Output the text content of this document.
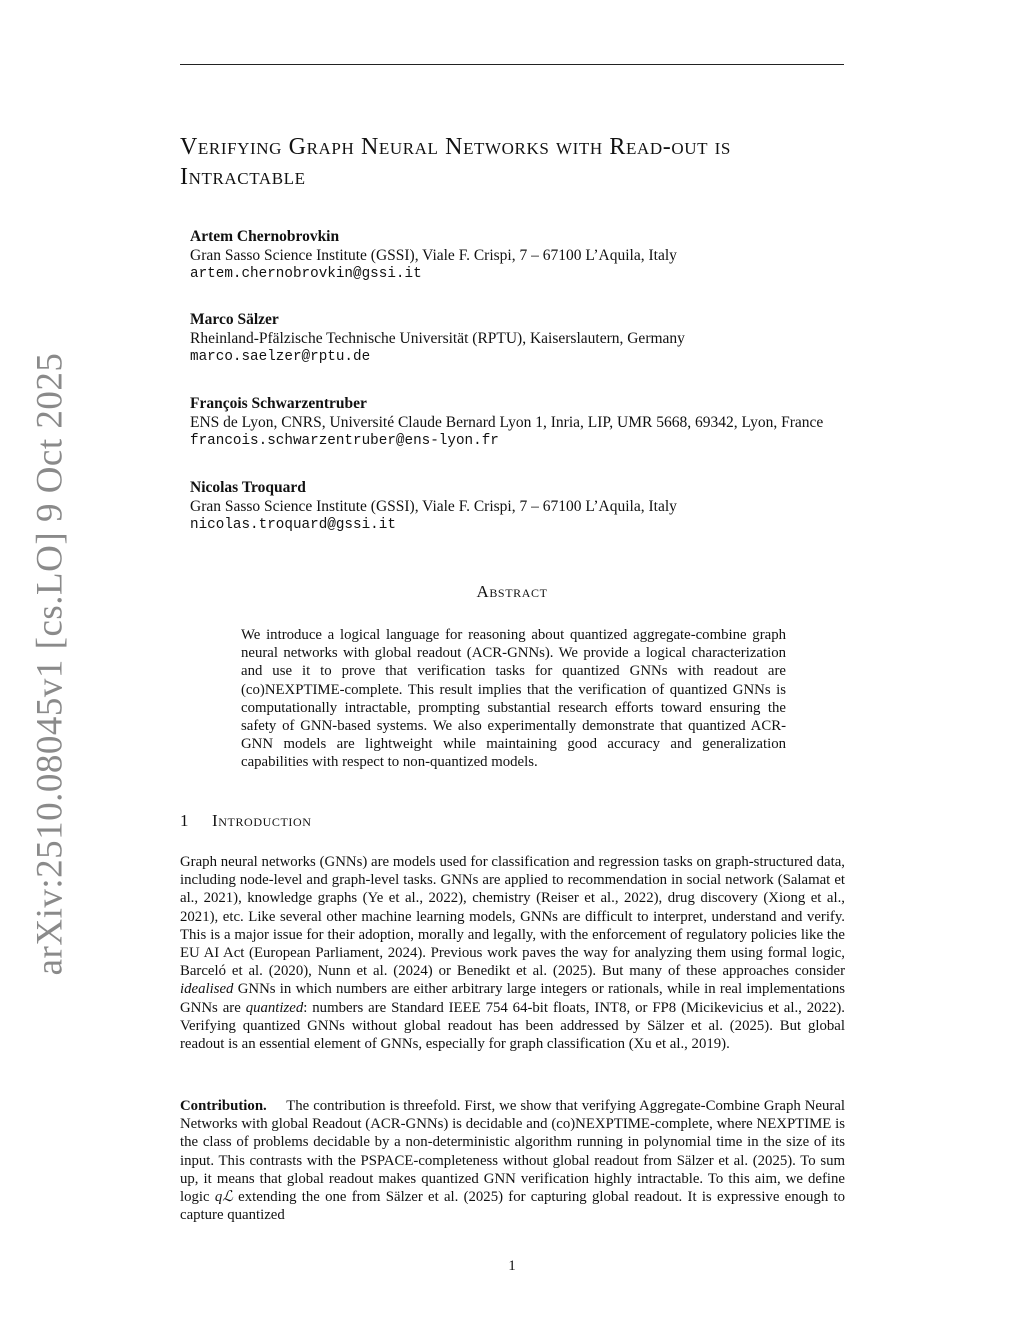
arXiv:2510.08045v1 [cs.LO] 9 Oct 2025
Verifying Graph Neural Networks with Read-out is Intractable
Artem Chernobrovkin
Gran Sasso Science Institute (GSSI), Viale F. Crispi, 7 – 67100 L’Aquila, Italy
artem.chernobrovkin@gssi.it
Marco Sälzer
Rheinland-Pfälzische Technische Universität (RPTU), Kaiserslautern, Germany
marco.saelzer@rptu.de
François Schwarzentruber
ENS de Lyon, CNRS, Université Claude Bernard Lyon 1, Inria, LIP, UMR 5668, 69342, Lyon, France
francois.schwarzentruber@ens-lyon.fr
Nicolas Troquard
Gran Sasso Science Institute (GSSI), Viale F. Crispi, 7 – 67100 L’Aquila, Italy
nicolas.troquard@gssi.it
Abstract

We introduce a logical language for reasoning about quantized aggregate-combine graph neural networks with global readout (ACR-GNNs). We provide a logical characterization and use it to prove that verification tasks for quantized GNNs with readout are (co)NEXPTIME-complete. This result implies that the verification of quantized GNNs is computationally intractable, prompting substantial research efforts toward ensuring the safety of GNN-based systems. We also experimentally demonstrate that quantized ACR-GNN models are lightweight while maintaining good accuracy and generalization capabilities with respect to non-quantized models.

1 Introduction

Graph neural networks (GNNs) are models used for classification and regression tasks on graph-structured data, including node-level and graph-level tasks. GNNs are applied to recommendation in social network (Salamat et al., 2021), knowledge graphs (Ye et al., 2022), chemistry (Reiser et al., 2022), drug discovery (Xiong et al., 2021), etc. Like several other machine learning models, GNNs are difficult to interpret, understand and verify. This is a major issue for their adoption, morally and legally, with the enforcement of regulatory policies like the EU AI Act (European Parliament, 2024). Previous work paves the way for analyzing them using formal logic, Barceló et al. (2020), Nunn et al. (2024) or Benedikt et al. (2025). But many of these approaches consider idealised GNNs in which numbers are either arbitrary large integers or rationals, while in real implementations GNNs are quantized: numbers are Standard IEEE 754 64-bit floats, INT8, or FP8 (Micikevicius et al., 2022). Verifying quantized GNNs without global readout has been addressed by Sälzer et al. (2025). But global readout is an essential element of GNNs, especially for graph classification (Xu et al., 2019).

Contribution. The contribution is threefold. First, we show that verifying Aggregate-Combine Graph Neural Networks with global Readout (ACR-GNNs) is decidable and (co)NEXPTIME-complete, where NEXPTIME is the class of problems decidable by a non-deterministic algorithm running in polynomial time in the size of its input. This contrasts with the PSPACE-completeness without global readout from Sälzer et al. (2025). To sum up, it means that global readout makes quantized GNN verification highly intractable. To this aim, we define logic qℒ extending the one from Sälzer et al. (2025) for capturing global readout. It is expressive enough to capture quantized

1
